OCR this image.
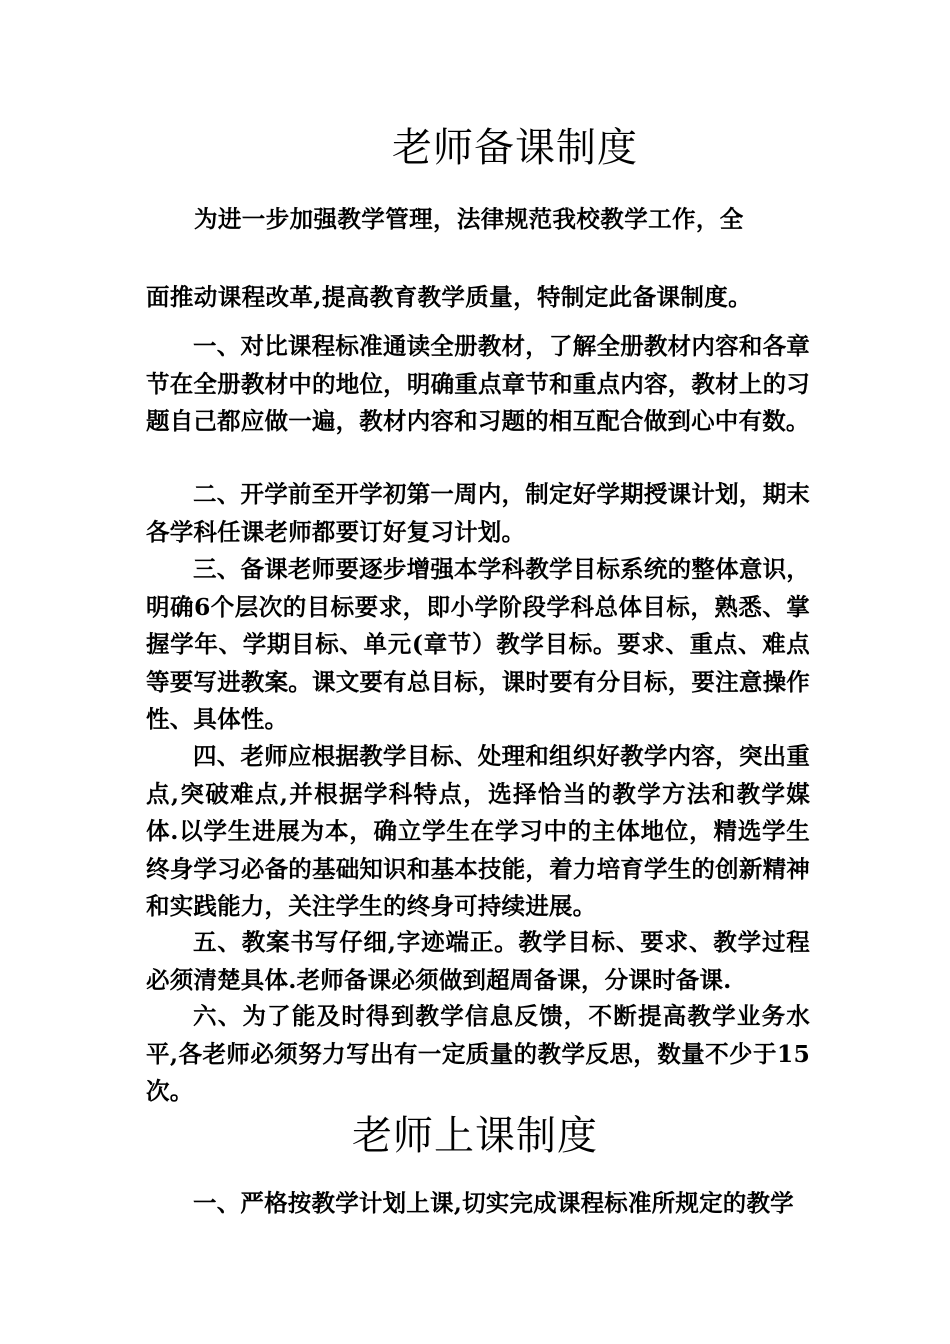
老师备课制度

为进一步加强教学管理，法律规范我校教学工作，全

面推动课程改革,提高教育教学质量，特制定此备课制度。

一、对比课程标准通读全册教材，了解全册教材内容和各章节在全册教材中的地位，明确重点章节和重点内容，教材上的习题自己都应做一遍，教材内容和习题的相互配合做到心中有数。

二、开学前至开学初第一周内，制定好学期授课计划，期末各学科任课老师都要订好复习计划。

三、备课老师要逐步增强本学科教学目标系统的整体意识，明确6个层次的目标要求，即小学阶段学科总体目标，熟悉、掌握学年、学期目标、单元(章节）教学目标。要求、重点、难点等要写进教案。课文要有总目标，课时要有分目标，要注意操作性、具体性。

四、老师应根据教学目标、处理和组织好教学内容，突出重点,突破难点,并根据学科特点，选择恰当的教学方法和教学媒体.以学生进展为本，确立学生在学习中的主体地位，精选学生终身学习必备的基础知识和基本技能，着力培育学生的创新精神和实践能力，关注学生的终身可持续进展。

五、教案书写仔细,字迹端正。教学目标、要求、教学过程必须清楚具体.老师备课必须做到超周备课，分课时备课.

六、为了能及时得到教学信息反馈，不断提高教学业务水平,各老师必须努力写出有一定质量的教学反思，数量不少于15次。

老师上课制度

一、严格按教学计划上课,切实完成课程标准所规定的教学
